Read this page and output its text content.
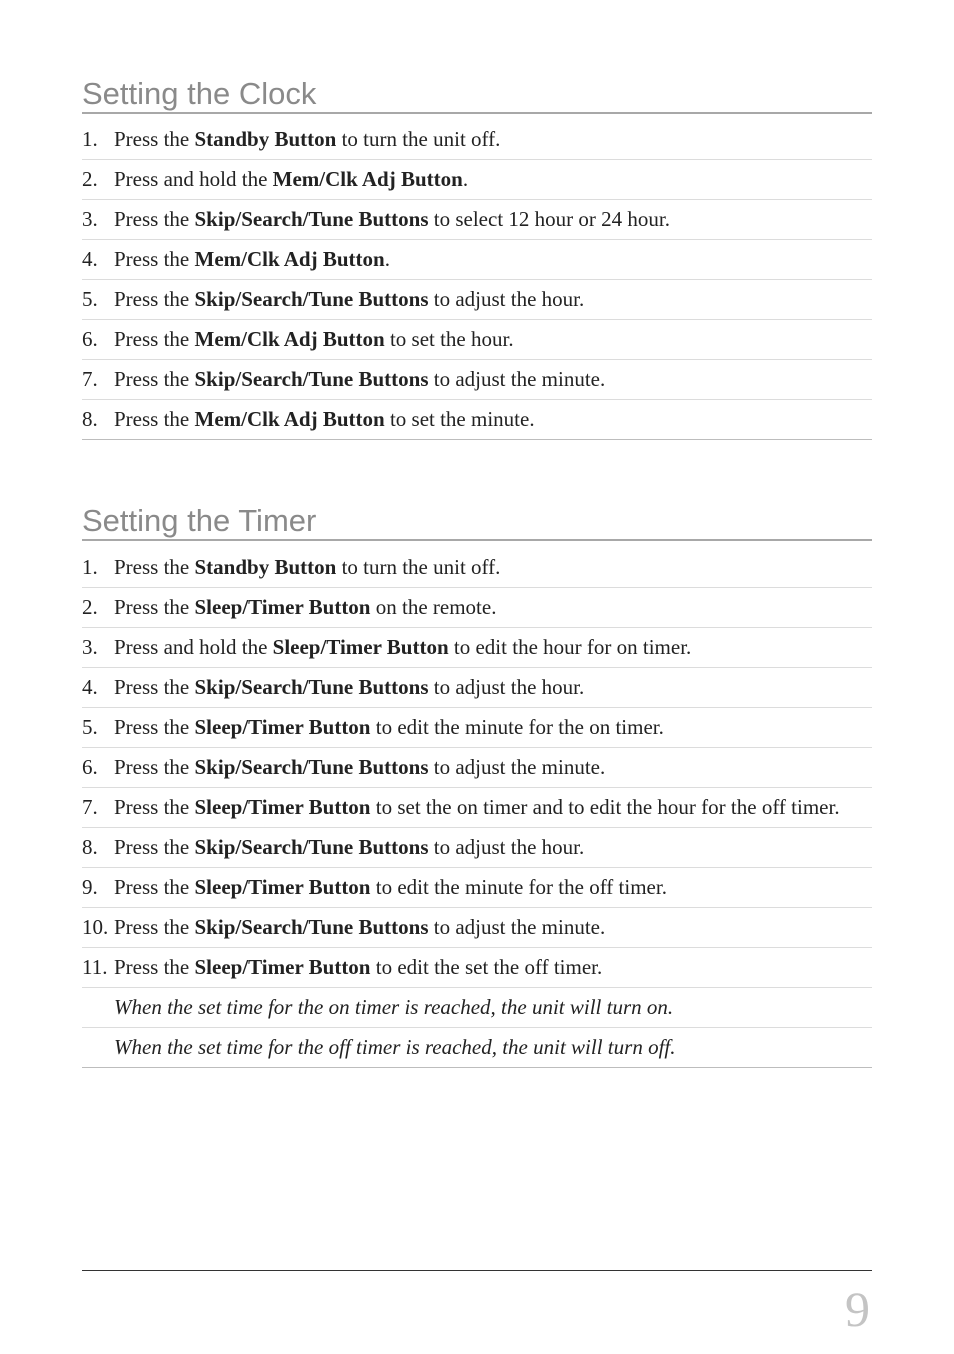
Setting the Clock
1. Press the Standby Button to turn the unit off.
2. Press and hold the Mem/Clk Adj Button.
3. Press the Skip/Search/Tune Buttons to select 12 hour or 24 hour.
4. Press the Mem/Clk Adj Button.
5. Press the Skip/Search/Tune Buttons to adjust the hour.
6. Press the Mem/Clk Adj Button to set the hour.
7. Press the Skip/Search/Tune Buttons to adjust the minute.
8. Press the Mem/Clk Adj Button to set the minute.
Setting the Timer
1. Press the Standby Button to turn the unit off.
2. Press the Sleep/Timer Button on the remote.
3. Press and hold the Sleep/Timer Button to edit the hour for on timer.
4. Press the Skip/Search/Tune Buttons to adjust the hour.
5. Press the Sleep/Timer Button to edit the minute for the on timer.
6. Press the Skip/Search/Tune Buttons to adjust the minute.
7. Press the Sleep/Timer Button to set the on timer and to edit the hour for the off timer.
8. Press the Skip/Search/Tune Buttons to adjust the hour.
9. Press the Sleep/Timer Button to edit the minute for the off timer.
10. Press the Skip/Search/Tune Buttons to adjust the minute.
11. Press the Sleep/Timer Button to edit the set the off timer.
When the set time for the on timer is reached, the unit will turn on.
When the set time for the off timer is reached, the unit will turn off.
9
